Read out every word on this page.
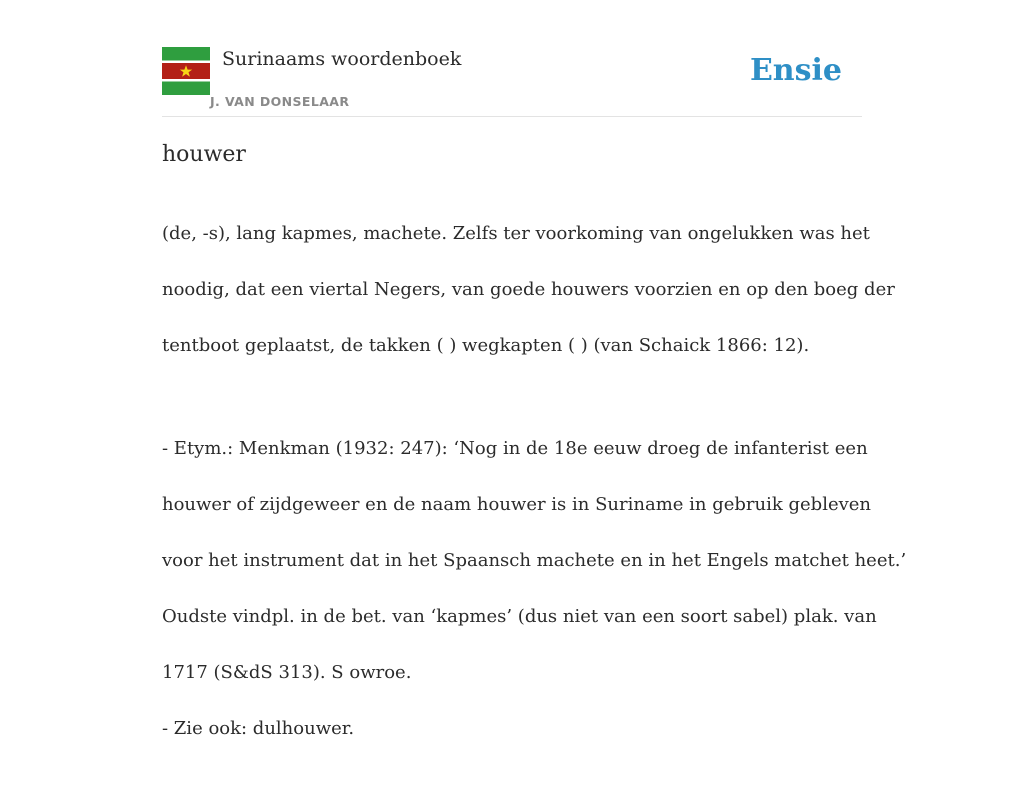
Surinaams woordenboek
J. VAN DONSELAAR
Ensie
houwer

(de, -s), lang kapmes, machete. Zelfs ter voorkoming van ongelukken was het

noodig, dat een viertal Negers, van goede houwers voorzien en op den boeg der

tentboot geplaatst, de takken ( ) wegkapten ( ) (van Schaick 1866: 12).

- Etym.: Menkman (1932: 247): ‘Nog in de 18e eeuw droeg de infanterist een

houwer of zijdgeweer en de naam houwer is in Suriname in gebruik gebleven

voor het instrument dat in het Spaansch machete en in het Engels matchet heet.’

Oudste vindpl. in de bet. van ‘kapmes’ (dus niet van een soort sabel) plak. van

1717 (S&dS 313). S owroe.

- Zie ook: dulhouwer.
